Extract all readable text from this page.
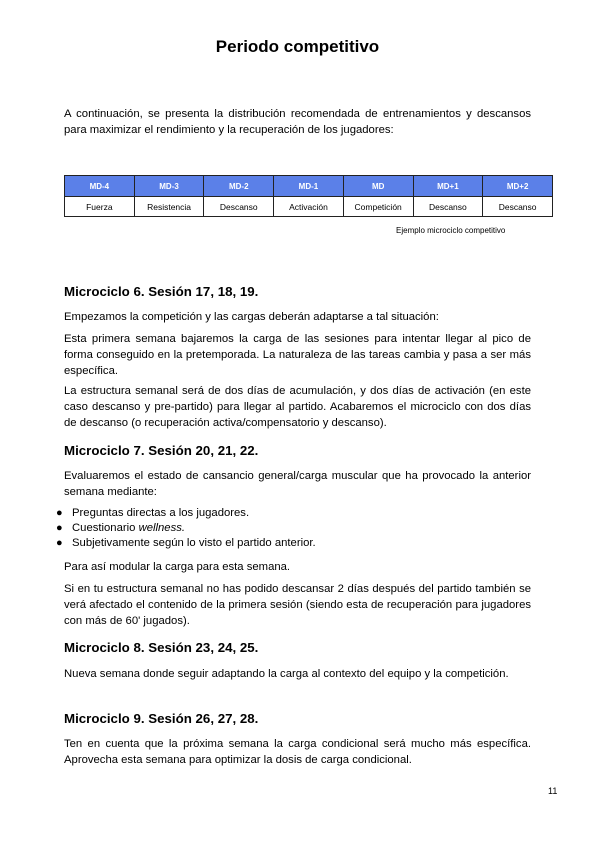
Periodo competitivo

A continuación, se presenta la distribución recomendada de entrenamientos y descansos para maximizar el rendimiento y la recuperación de los jugadores:

MD-4	MD-3	MD-2	MD-1	MD	MD+1	MD+2
Fuerza	Resistencia	Descanso	Activación	Competición	Descanso	Descanso

Ejemplo microciclo competitivo

Microciclo 6. Sesión 17, 18, 19.

Empezamos la competición y las cargas deberán adaptarse a tal situación:

Esta primera semana bajaremos la carga de las sesiones para intentar llegar al pico de forma conseguido en la pretemporada. La naturaleza de las tareas cambia y pasa a ser más específica.

La estructura semanal será de dos días de acumulación, y dos días de activación (en este caso descanso y pre-partido) para llegar al partido. Acabaremos el microciclo con dos días de descanso (o recuperación activa/compensatorio y descanso).

Microciclo 7. Sesión 20, 21, 22.

Evaluaremos el estado de cansancio general/carga muscular que ha provocado la anterior semana mediante:

● Preguntas directas a los jugadores.
● Cuestionario wellness.
● Subjetivamente según lo visto el partido anterior.

Para así modular la carga para esta semana.

Si en tu estructura semanal no has podido descansar 2 días después del partido también se verá afectado el contenido de la primera sesión (siendo esta de recuperación para jugadores con más de 60' jugados).

Microciclo 8. Sesión 23, 24, 25.

Nueva semana donde seguir adaptando la carga al contexto del equipo y la competición.

Microciclo 9. Sesión 26, 27, 28.

Ten en cuenta que la próxima semana la carga condicional será mucho más específica. Aprovecha esta semana para optimizar la dosis de carga condicional.

11
